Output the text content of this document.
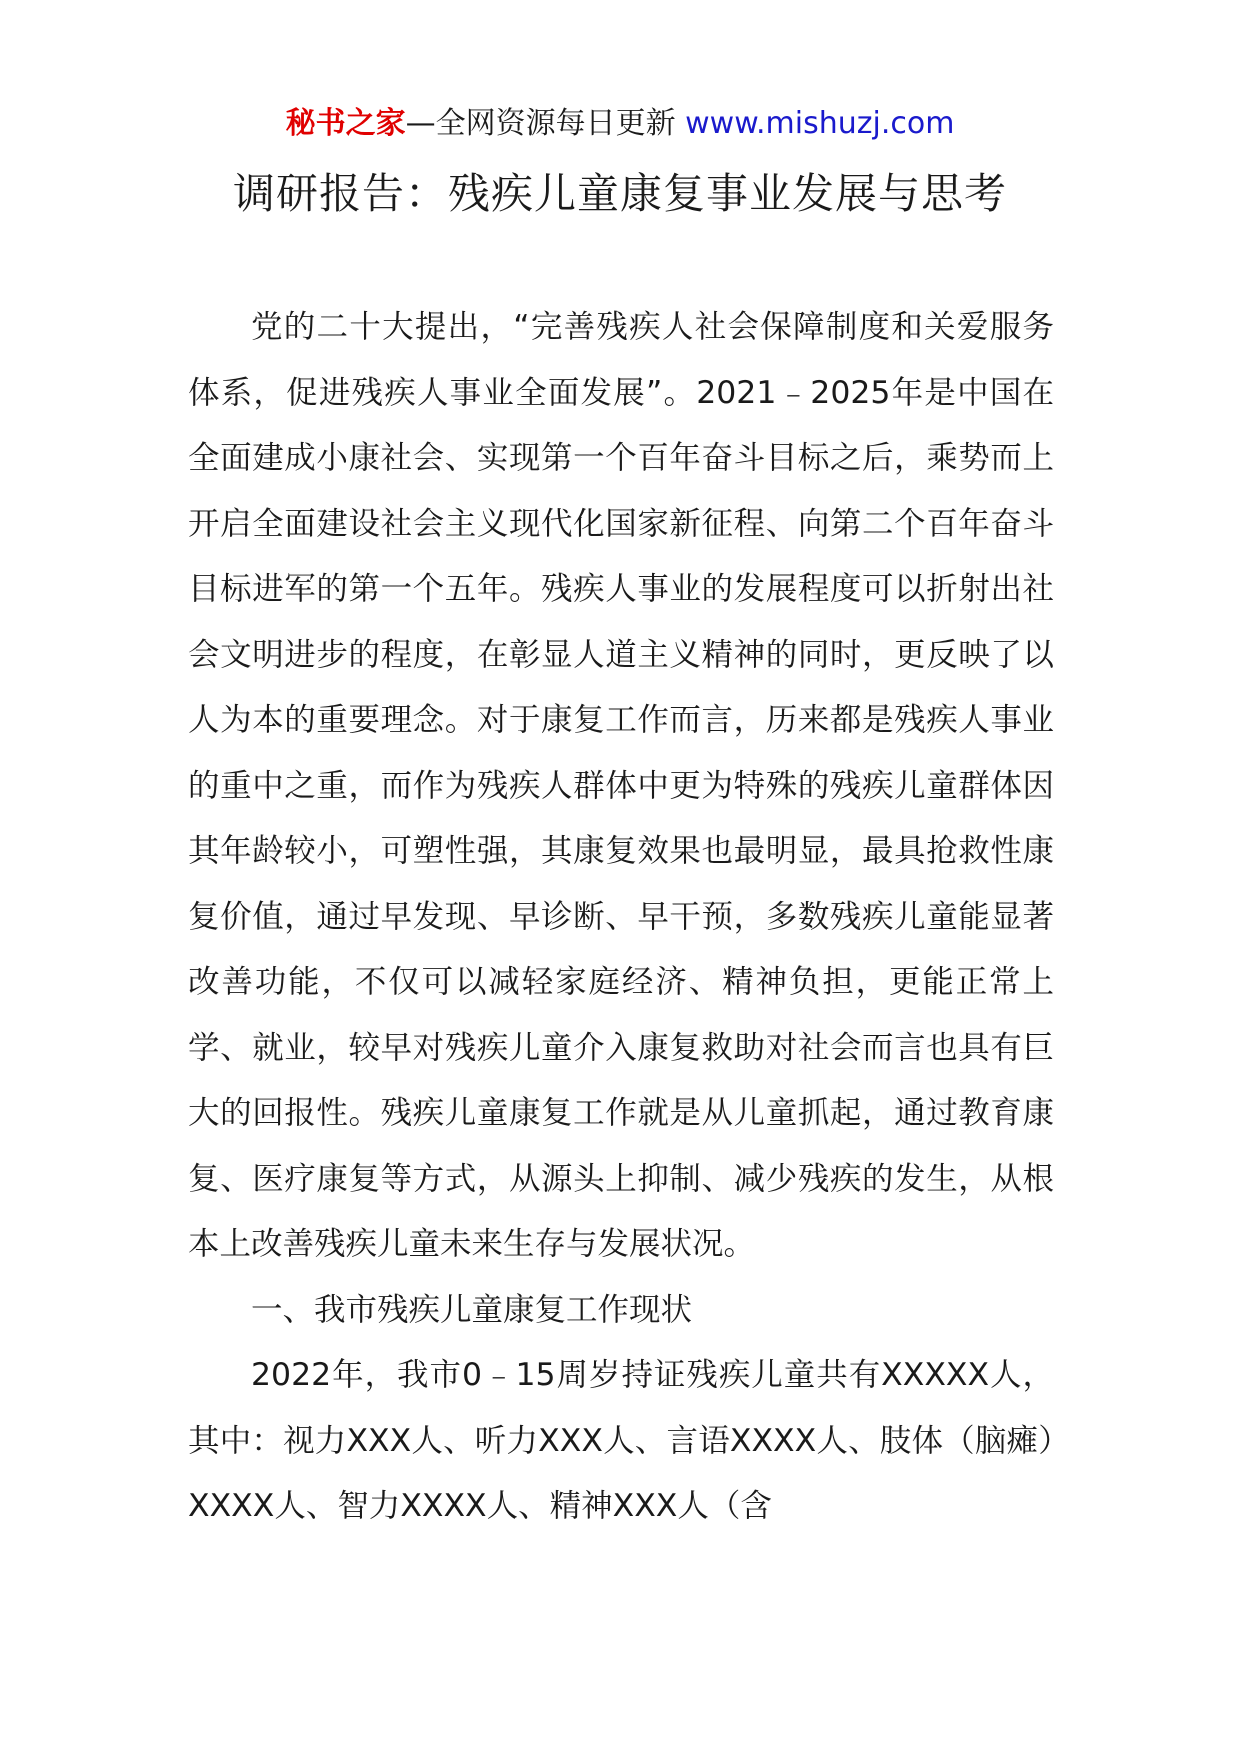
秘书之家—全网资源每日更新 www.mishuzj.com
调研报告：残疾儿童康复事业发展与思考

党的二十大提出，“完善残疾人社会保障制度和关爱服务体系，促进残疾人事业全面发展”。2021﹣2025年是中国在全面建成小康社会、实现第一个百年奋斗目标之后，乘势而上开启全面建设社会主义现代化国家新征程、向第二个百年奋斗目标进军的第一个五年。残疾人事业的发展程度可以折射出社会文明进步的程度，在彰显人道主义精神的同时，更反映了以人为本的重要理念。对于康复工作而言，历来都是残疾人事业的重中之重，而作为残疾人群体中更为特殊的残疾儿童群体因其年龄较小，可塑性强，其康复效果也最明显，最具抢救性康复价值，通过早发现、早诊断、早干预，多数残疾儿童能显著改善功能，不仅可以减轻家庭经济、精神负担，更能正常上学、就业，较早对残疾儿童介入康复救助对社会而言也具有巨大的回报性。残疾儿童康复工作就是从儿童抓起，通过教育康复、医疗康复等方式，从源头上抑制、减少残疾的发生，从根本上改善残疾儿童未来生存与发展状况。

一、我市残疾儿童康复工作现状

2022年，我市0﹣15周岁持证残疾儿童共有XXXXX人，其中：视力XXX人、听力XXX人、言语XXXX人、肢体（脑瘫）XXXX人、智力XXXX人、精神XXX人（含
